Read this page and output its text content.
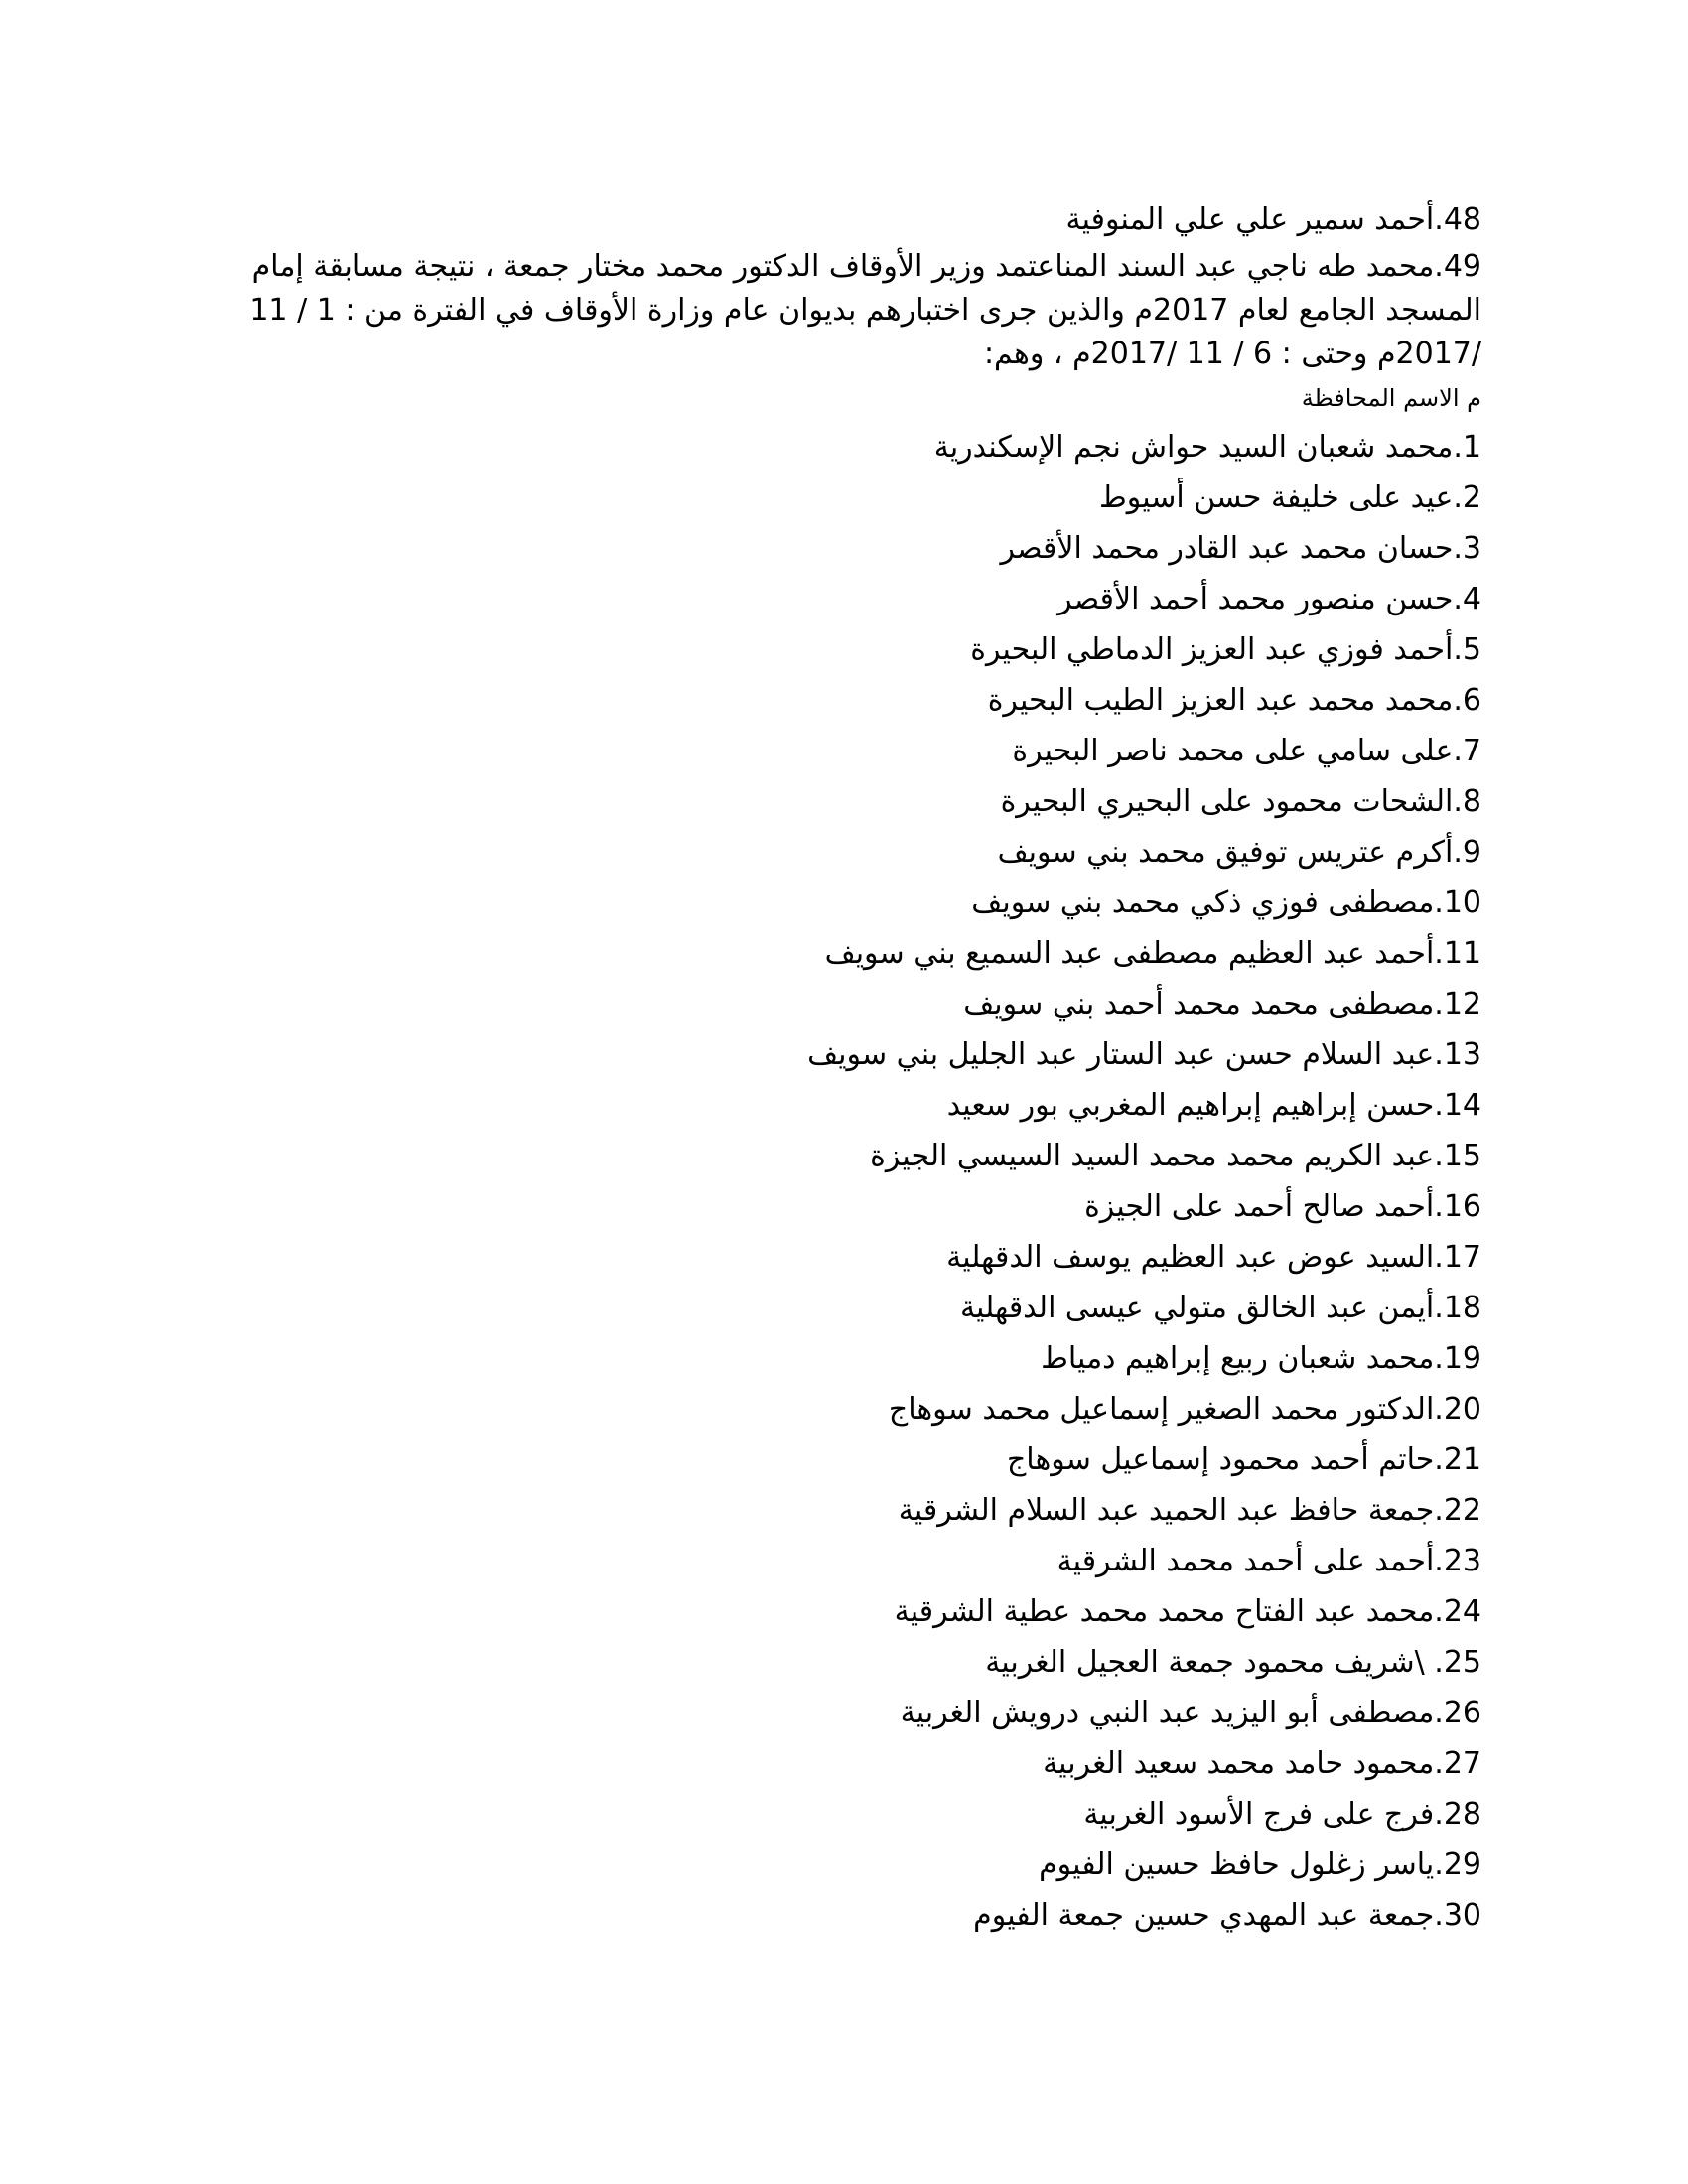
.48أحمد سمير علي علي المنوفية
.49محمد طه ناجي عبد السند المناعتمد وزير الأوقاف الدكتور محمد مختار جمعة ، نتيجة مسابقة إمام

المسجد الجامع لعام 2017م والذين جرى اختبارهم بديوان عام وزارة الأوقاف في الفترة من : 1 / 11
/2017م وحتى : 6 / 11 /2017م ، وهم:

م الاسم المحافظة
.1محمد شعبان السيد حواش نجم الإسكندرية
.2عيد على خليفة حسن أسيوط
.3حسان محمد عبد القادر محمد الأقصر
.4حسن منصور محمد أحمد الأقصر
.5أحمد فوزي عبد العزيز الدماطي البحيرة
.6محمد محمد عبد العزيز الطيب البحيرة
.7على سامي على محمد ناصر البحيرة
.8الشحات محمود على البحيري البحيرة
.9أكرم عتريس توفيق محمد بني سويف
.10مصطفى فوزي ذكي محمد بني سويف
.11أحمد عبد العظيم مصطفى عبد السميع بني سويف
.12مصطفى محمد محمد أحمد بني سويف
.13عبد السلام حسن عبد الستار عبد الجليل بني سويف
.14حسن إبراهيم إبراهيم المغربي بور سعيد
.15عبد الكريم محمد محمد السيد السيسي الجيزة
.16أحمد صالح أحمد على الجيزة
.17السيد عوض عبد العظيم يوسف الدقهلية
.18أيمن عبد الخالق متولي عيسى الدقهلية
.19محمد شعبان ربيع إبراهيم دمياط
.20الدكتور محمد الصغير إسماعيل محمد سوهاج
.21حاتم أحمد محمود إسماعيل سوهاج
.22جمعة حافظ عبد الحميد عبد السلام الشرقية
.23أحمد على أحمد محمد الشرقية
.24محمد عبد الفتاح محمد محمد عطية الشرقية
\ .25شريف محمود جمعة العجيل الغربية
.26مصطفى أبو اليزيد عبد النبي درويش الغربية
.27محمود حامد محمد سعيد الغربية
.28فرج على فرج الأسود الغربية
.29ياسر زغلول حافظ حسين الفيوم
.30جمعة عبد المهدي حسين جمعة الفيوم
